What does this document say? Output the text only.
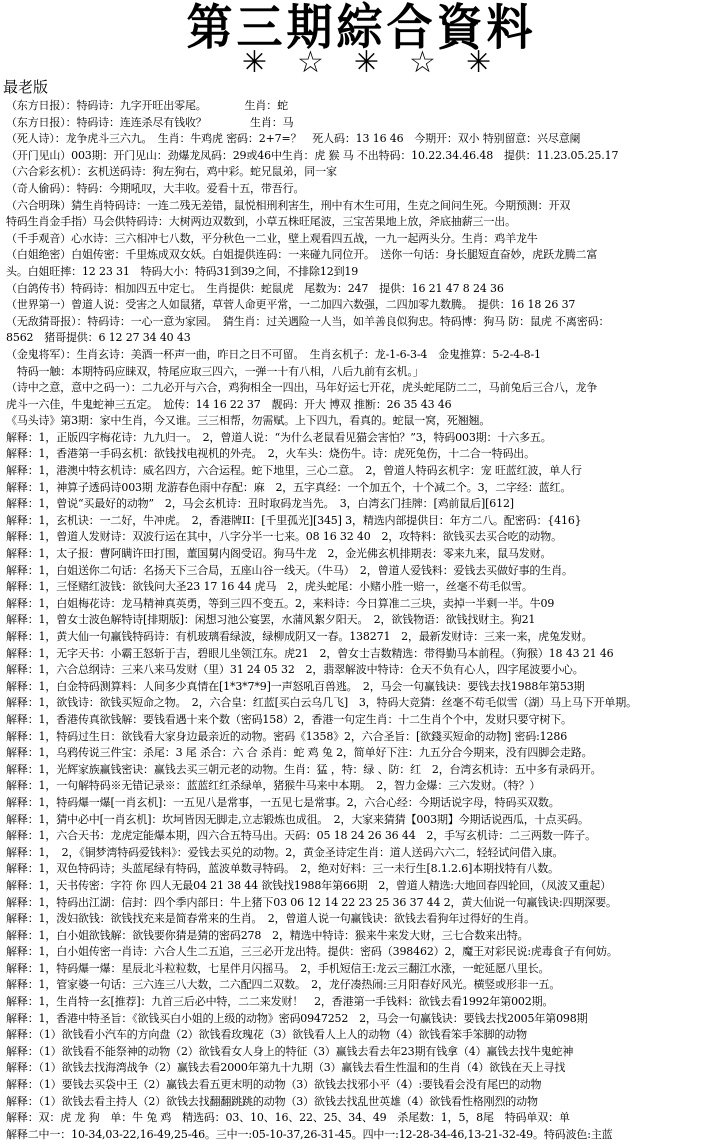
第三期綜合資料
✳☆✳☆✳
最老版
（东方日报）：特码诗：九字开旺出零尾。　　　　生肖：蛇
（东方日报）：特码诗：连连杀尽有钱收？　　　　生肖：马
（死人诗）：龙争虎斗三六九。　生肖：牛鸡虎 密码：2+7=？　死人码：13 16 46　今期开：双小 特别留意：兴尽意阑
（开门见山）003期：开门见山：劲爆龙凤码：29或46中生肖：虎 猴 马 不出特码：10.22.34.46.48　提供：11.23.05.25.17
（六合彩玄机）：玄机送码诗：狗左狗右，鸡中彩。蛇兄鼠弟，同一家
（奇人偷码）：特码：今期吼叹，大丰收。爱看十五，带吾行。
（六合明珠）猜生肖特码诗：一连二残无差错，鼠悦相刑利害生，刑中有木生可用，生克之间问生死。今期预测：开双
特码生肖金手指）马会供特码诗：大树两边双数到，小草五株旺尾波，三宝苦果地上放，斧底抽薪三一出。
（千手观音）心水诗：三六相冲七八数，平分秋色一二业，壁上观看四五战，一九一起两头分。生肖：鸡羊龙牛
（白姐绝密）白姐传密：千里炼成双女妖。白姐提供连码：一来碰九同位开。　送你一句话：身长腿短直奋妙，虎跃龙腾二富
头。白姐旺摔：12 23 31　特码大小：特码31到39之间，不排除12到19
（白鸽传书）特码诗：相加四五中定七。　生肖提供：蛇鼠虎　尾数为：247　提供：16 21 47 8 24 36
（世界第一）曾道人说：受害之人如鼠猪，草菅人命更平常，一二加四六数强，二四加零九数腾。　提供：16 18 26 37
（无敌猜哥报）：特码诗：一心一意为家园。　猜生肖：过关遇险一人当，如羊善良似狗忠。特码博：狗马 防：鼠虎 不离密码：
8562　猪哥提供：6 12 27 34 40 43
（金鬼将军）：生肖玄诗：美酒一杯声一曲，昨日之日不可留。　生肖玄机子：龙-1-6-3-4　金鬼推算：5-2-4-8-1
　特码一触：本期特码应睐双，特尾应取三四六，一弹一十有八相，八后九前有玄机。」
（诗中之意，意中之码一）：二九必开与六合，鸡狗相全一四出，马年好运七开花，虎头蛇尾防二二，马前兔后三合八，龙争
虎斗一六佳，牛鬼蛇神三五定。　尬传：14 16 22 37　靓码：开大 博双 推断：26 35 43 46
《马头诗》第3期：家中生肖，今又谁。三三相帮，勿需赋。上下四九，看真的。蛇鼠一窝，死翘翘。
解释：1，正版四字梅花诗：九九归一。　2，曾道人说：“为什么老鼠看见猫会害怕？”3，特码003期：十六多五。
解释：1，香港第一手码玄机：欲钱找电视机的外壳。　2，火车头：烧伤牛。诗：虎死兔伤，十二合一特码出。
解释：1，港澳中特玄机诗：威名四方，六合运程。蛇下地里，三心二意。　2，曾道人特码玄机字：宠 旺蓝红波，单人行
解释：1，神算子透码诗003期 龙游春色雨中存配：麻　2，五字真经：一个加五个，十个减二个。3，二字经：蓝红。
解释：1，曾说“买最好的动物”　2，马会玄机诗：丑时取码龙当先。　3，白湾玄门挂牌：[鸡前鼠后][612]
解释：1，玄机诀：一二好，牛冲虎。　2，香港牌II：[千里孤光][345] 3，精选内部提供目：年方二八。配密码：{416}
解释：1，曾道人发财诗：双波行运在其中，八字分半一七来。08 16 32 40　2，攻特料：欲钱买去买合吃的动物。
解释：1，太子报：曹阿瞒许田打围，董国舅内阁受诏。狗马牛龙　2，金光佛玄机排期表：零来九来，鼠马发财。
解释：1，白姐送你二句话：名扬天下三合局，五座山谷一线天。（牛马）　2，曾道人爱钱料：爱钱去买做好事的生肖。
解释：1，三怪赌红波钱：欲钱问大圣23 17 16 44 虎马　2，虎头蛇尾：小赌小胜一赔一，丝毫不苟毛似雪。
解释：1，白姐梅花诗：龙马精神真英勇，等到三四不变五。2，来料诗：今日算准二三块，卖掉一半剩一半。牛09
解释：1，曾女士波色解特诗[排期版]：闲想习池公宴罢，水蒲风絮夕阳天。　2，欲钱物语：欲钱找财主。狗21
解释：1，黄大仙一句赢钱特码诗：有机玻璃看绿波，绿柳成阴又一春。138271　2，最新发财诗：三来一来，虎兔发财。
解释：1，无字天书：小霸王怒斩于吉，碧眼儿坐领江东。虎21　2，曾女士吉数精选：带得勤马本前程。（狗猴）18 43 21 46
解释：1，六合总纲诗：三来八来马发财（里）31 24 05 32　2，翡翠解波中特诗：仓天不负有心人，四字尾波要小心。
解释：1，白金特码测算料：人间多少真情在[1*3*7*9]一声怒吼百兽逃。　2，马会一句赢钱诀：要钱去找1988年第53期
解释：1，欲钱诗：欲钱买短命之物。　2，六合皇：红蓝[买白云乌几飞]　3，特码大竞猜：丝毫不苟毛似雪（湖）马上马下开单期。
解释：1，香港传真欲钱解：要钱看遇十来个数（密码158）2，香港一句定生肖：十二生肖个个中，发财只要守树下。
解释：1，特码过生日：欲钱看大家身边最亲近的动物。密码《1358》2，六合圣旨：[欲錢买短命的动物] 密码:1286
解释：1，乌鸦传说三件宝：杀尾：3 尾 杀合：六 合 杀肖：蛇 鸡 兔 2，简单好下注：九五分合今期来，没有四脚会走路。
解释：1，光辉家族赢钱密诀：赢钱去买三朝元老的动物。生肖：猛 ，特：绿 、防：红　2，台湾玄机诗：五中多有录码开。
解释：1，一句解特码※无错记录※：蓝蓝红红杀绿单，猪猴牛马来中本期。　2，智力金爆：三六发财。（特？）
解释：1，特码爆一爆[一肖玄机]：一五见八是常事，一五见七是常事。2，六合心经：今期话说字母，特码买双数。
解释：1，猜中必中[一肖玄机]：坎坷皆因无脚走,立志锻炼也成徂。　2，大家来猜猜【003期】今期话说西瓜，十点买码。
解释：1，六合天书：龙虎定能爆本期，四六合五特马出。天码：05 18 24 26 36 44　2，手写玄机诗：二三两数一阵子。
解释：1，　2，《铜梦湾特码爱钱料》：爱钱去买兑的动物。2，黄金圣诗定生肖：道人送码六六二，轻轻试问借入康。
解释：1，双色特码诗；头蓝尾绿有特码，蓝波单数寻特码。　2，绝对好料：三一未行生[8.1.2.6]本期找特有八数。
解释：1，天书传密：字符 你 四人无最04 21 38 44 欲钱找1988年第66期　2，曾道人精选:大地回春四轮回，（凤波又重起）
解释：1，特码出江湖：信封：四个季内部日：牛上猪下03 06 12 14 22 23 25 36 37 44 2，黄大仙说一句赢钱诀:四期深要。
解释：1，泼妇欲钱：欲钱找充来是简春常来的生肖。　2，曾道人说一句赢钱诀：欲钱去看狗年过得好的生肖。
解释：1，白小姐欲钱解：欲钱要你猜是猜的密码278　2，精选中特诗：猴来牛来发大财，三七合数来出特。
解释：1，白小姐传密一肖诗：六合人生二五追，三三必开龙出特。提供：密码（398462）2，魔王对彩民说:虎毒食子有何妨。
解释：1，特码爆一爆：星辰北斗粒粒数，七星伴月闪摇马。　2，手机短信王:龙云三翻江水涨，一蛇延愿八里长。
解释：1，管家婆一句话：三六连三八大数，二六配四二双数。　2，龙仔凑热闹:三月阳春好风光。横竖或形非一五。
解释：1，生肖特一玄[推荐]：九首三后必中特，二二来发财！　2，香港第一手钱料：欲钱去看1992年第002期。
解释：1，香港中特圣旨：《欲钱买白小姐的上级的动物》密码0947252　2，马会一句赢钱诀：要钱去找2005年第098期
解释：（1）欲钱看小汽车的方向盘（2）欲钱看玫瑰花（3）欲钱看人上人的动物（4）欲钱看笨手笨脚的动物
解释：（1）欲钱看不能祭神的动物（2）欲钱看女人身上的特征（3）赢钱去看去年23期有钱拿（4）赢钱去找牛鬼蛇神
解释：（1）欲钱去找海湾战争（2）赢钱去看2000年第九十九期（3）赢钱去看生性温和的生肖（4）欲钱在天上寻找
解释：（1）要钱去买袋中王（2）赢钱去看五更末明的动物（3）欲钱去找邪小平（4）:要钱看会没有尾巴的动物
解释：（1）欲钱去看主持人（2）欲钱去找翻翻跳跳的动物（3）欲钱去找乱世英雄（4）欲钱看性格刚烈的动物
解释：双：虎 龙 狗　单：牛 兔 鸡　精选码：03、10、16、22、25、34、49　杀尾数：1，5，8尾　特码单双：单
解释二中一：10-34,03-22,16-49,25-46。三中一:05-10-37,26-31-45。四中一:12-28-34-46,13-21-32-49。特码波色:主蓝
